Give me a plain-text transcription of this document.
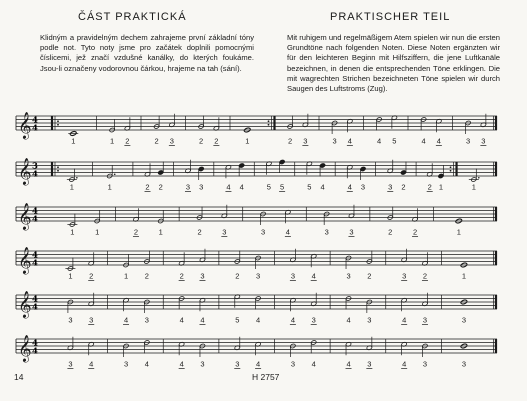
ČÁST PRAKTICKÁ	PRAKTISCHER TEIL

Klidným a pravidelným dechem zahrajeme první základní tóny podle not. Tyto noty jsme pro začátek doplnili pomocnými číslicemi, jež značí vzdušné kanálky, do kterých foukáme. Jsou-li označeny vodorovnou čárkou, hrajeme na tah (sání).

Mit ruhigem und regelmäßigem Atem spielen wir nun die ersten Grundtöne nach folgenden Noten. Diese Noten ergänzten wir für den leichteren Beginn mit Hilfsziffern, die jene Luftkanäle bezeichnen, in denen die entsprechenden Töne erklingen. Die mit wagrechten Strichen bezeichneten Töne spielen wir durch Saugen des Luftstroms (Zug).

𝄞 4
4
1	1 2	2 3	2 2	1	2 3	3 4	4 5	4 4	3 3
𝄞 3
4
1	1	2 2	3 3	4 4	5 5	5 4	4 3	3 2	2 1	1
𝄞 4
4
1	1	2	1	2	3	3	4	3	3	2	2	1
𝄞 4
4
1 2	1 2	2 3	2 3	3 4	3 2	3 2	1
𝄞 4
4
3 3	4 3	4 4	5 4	4 3	4 3	4 3	3
𝄞 4
4
3 4	3 4	4 3	3 4	3 4	4 3	4 3	3

14	H 2757
